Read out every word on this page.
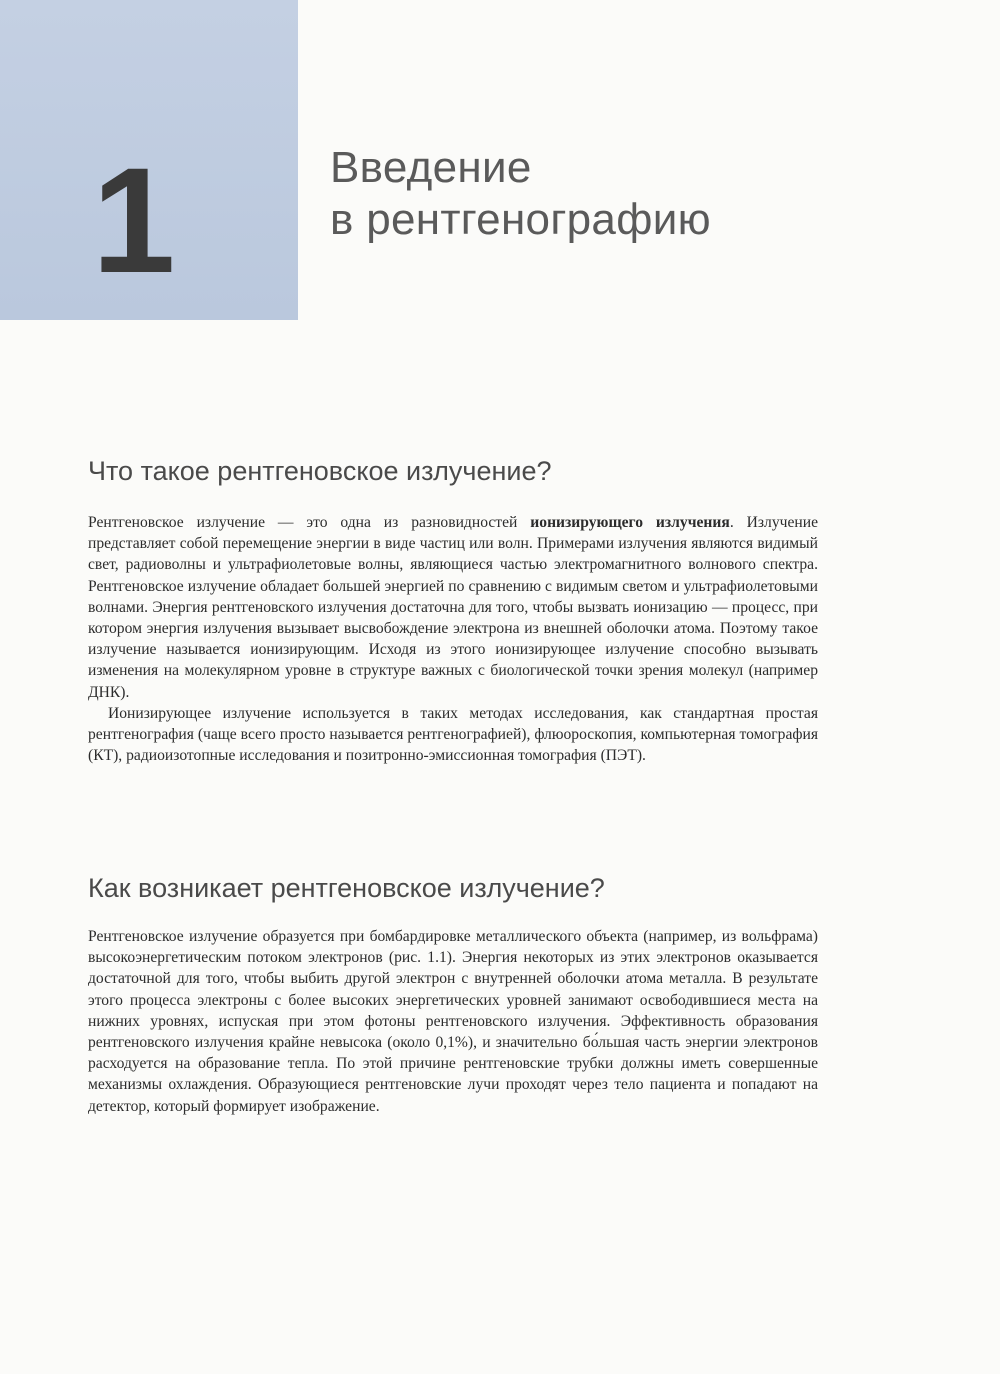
1	Введение
в рентгенографию
Что такое рентгеновское излучение?

Рентгеновское излучение — это одна из разновидностей ионизирующего излучения. Излучение представляет собой перемещение энергии в виде частиц или волн. Примерами излучения являются видимый свет, радиоволны и ультрафиолетовые волны, являющиеся частью электромагнитного волнового спектра. Рентгеновское излучение обладает большей энергией по сравнению с видимым светом и ультрафиолетовыми волнами. Энергия рентгеновского излучения достаточна для того, чтобы вызвать ионизацию — процесс, при котором энергия излучения вызывает высвобождение электрона из внешней оболочки атома. Поэтому такое излучение называется ионизирующим. Исходя из этого ионизирующее излучение способно вызывать изменения на молекулярном уровне в структуре важных с биологической точки зрения молекул (например ДНК).

Ионизирующее излучение используется в таких методах исследования, как стандартная простая рентгенография (чаще всего просто называется рентгенографией), флюороскопия, компьютерная томография (КТ), радиоизотопные исследования и позитронно-эмиссионная томография (ПЭТ).

Как возникает рентгеновское излучение?

Рентгеновское излучение образуется при бомбардировке металлического объекта (например, из вольфрама) высокоэнергетическим потоком электронов (рис. 1.1). Энергия некоторых из этих электронов оказывается достаточной для того, чтобы выбить другой электрон с внутренней оболочки атома металла. В результате этого процесса электроны с более высоких энергетических уровней занимают освободившиеся места на нижних уровнях, испуская при этом фотоны рентгеновского излучения. Эффективность образования рентгеновского излучения крайне невысока (около 0,1%), и значительно бо́льшая часть энергии электронов расходуется на образование тепла. По этой причине рентгеновские трубки должны иметь совершенные механизмы охлаждения. Образующиеся рентгеновские лучи проходят через тело пациента и попадают на детектор, который формирует изображение.
